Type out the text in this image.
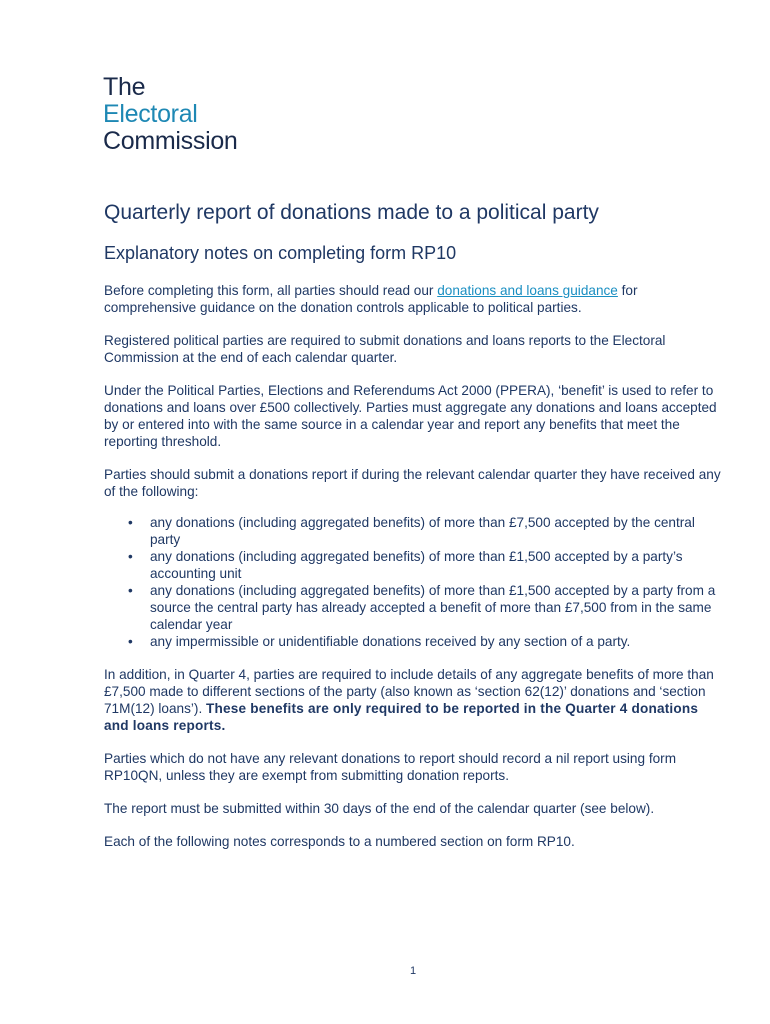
The
Electoral
Commission
Quarterly report of donations made to a political party
Explanatory notes on completing form RP10

Before completing this form, all parties should read our donations and loans guidance for comprehensive guidance on the donation controls applicable to political parties.

Registered political parties are required to submit donations and loans reports to the Electoral Commission at the end of each calendar quarter.

Under the Political Parties, Elections and Referendums Act 2000 (PPERA), ‘benefit’ is used to refer to donations and loans over £500 collectively. Parties must aggregate any donations and loans accepted by or entered into with the same source in a calendar year and report any benefits that meet the reporting threshold.

Parties should submit a donations report if during the relevant calendar quarter they have received any of the following:

• any donations (including aggregated benefits) of more than £7,500 accepted by the central party
• any donations (including aggregated benefits) of more than £1,500 accepted by a party’s accounting unit
• any donations (including aggregated benefits) of more than £1,500 accepted by a party from a source the central party has already accepted a benefit of more than £7,500 from in the same calendar year
• any impermissible or unidentifiable donations received by any section of a party.

In addition, in Quarter 4, parties are required to include details of any aggregate benefits of more than £7,500 made to different sections of the party (also known as ‘section 62(12)’ donations and ‘section 71M(12) loans’). These benefits are only required to be reported in the Quarter 4 donations and loans reports.

Parties which do not have any relevant donations to report should record a nil report using form RP10QN, unless they are exempt from submitting donation reports.

The report must be submitted within 30 days of the end of the calendar quarter (see below).

Each of the following notes corresponds to a numbered section on form RP10.

1
